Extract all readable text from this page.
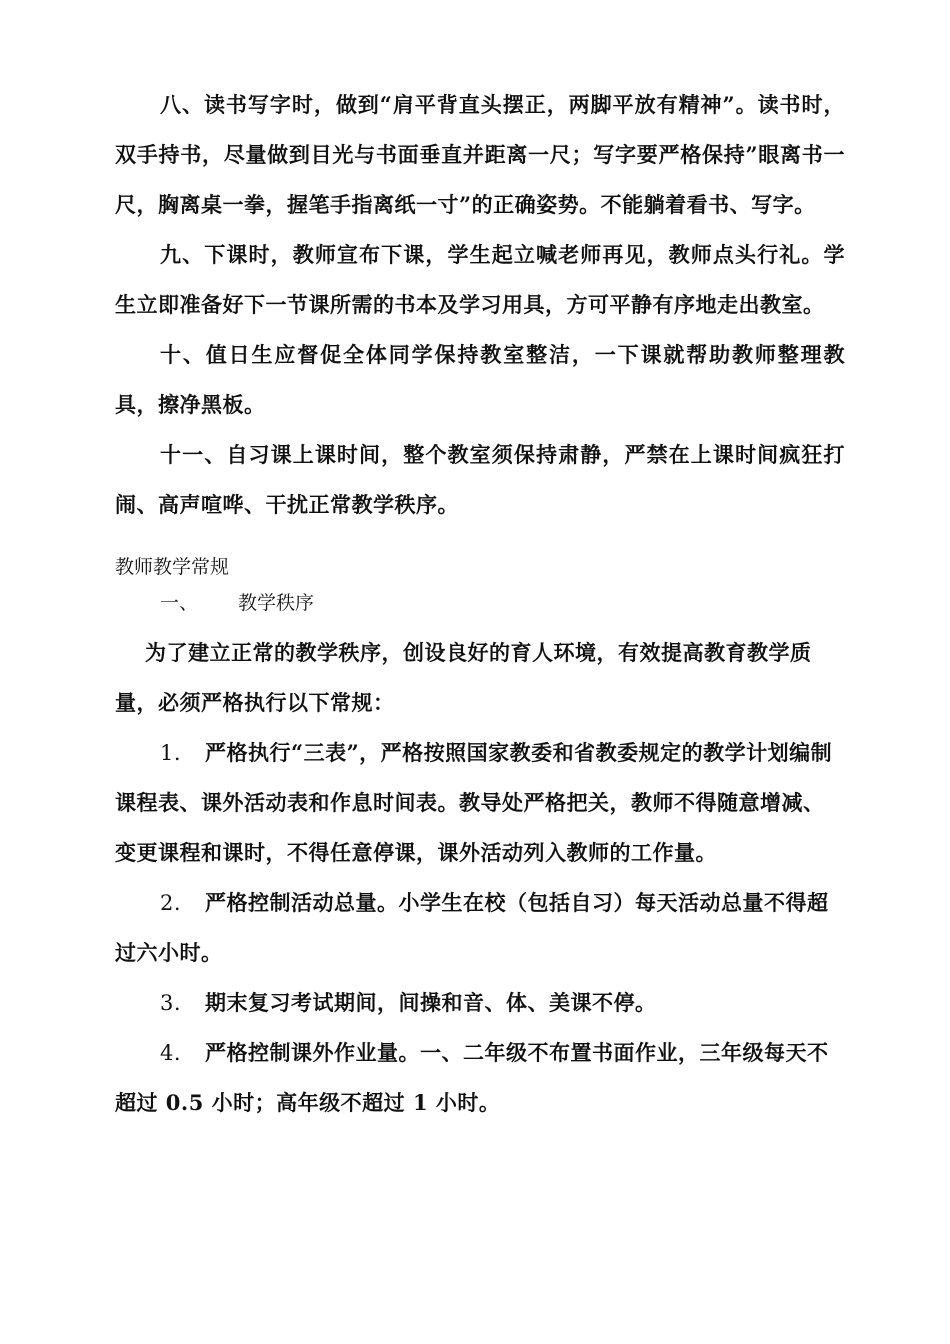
八、读书写字时，做到“肩平背直头摆正，两脚平放有精神”。读书时，双手持书，尽量做到目光与书面垂直并距离一尺；写字要严格保持”眼离书一尺，胸离桌一拳，握笔手指离纸一寸”的正确姿势。不能躺着看书、写字。

九、下课时，教师宣布下课，学生起立喊老师再见，教师点头行礼。学生立即准备好下一节课所需的书本及学习用具，方可平静有序地走出教室。

十、值日生应督促全体同学保持教室整洁，一下课就帮助教师整理教具，擦净黑板。

十一、自习课上课时间，整个教室须保持肃静，严禁在上课时间疯狂打闹、高声喧哗、干扰正常教学秩序。

教师教学常规

一、 教学秩序

为了建立正常的教学秩序，创设良好的育人环境，有效提高教育教学质量，必须严格执行以下常规：

1. 严格执行“三表”，严格按照国家教委和省教委规定的教学计划编制课程表、课外活动表和作息时间表。教导处严格把关，教师不得随意增减、变更课程和课时，不得任意停课，课外活动列入教师的工作量。

2. 严格控制活动总量。小学生在校（包括自习）每天活动总量不得超过六小时。

3. 期末复习考试期间，间操和音、体、美课不停。

4. 严格控制课外作业量。一、二年级不布置书面作业，三年级每天不超过 0.5 小时；高年级不超过 1 小时。
